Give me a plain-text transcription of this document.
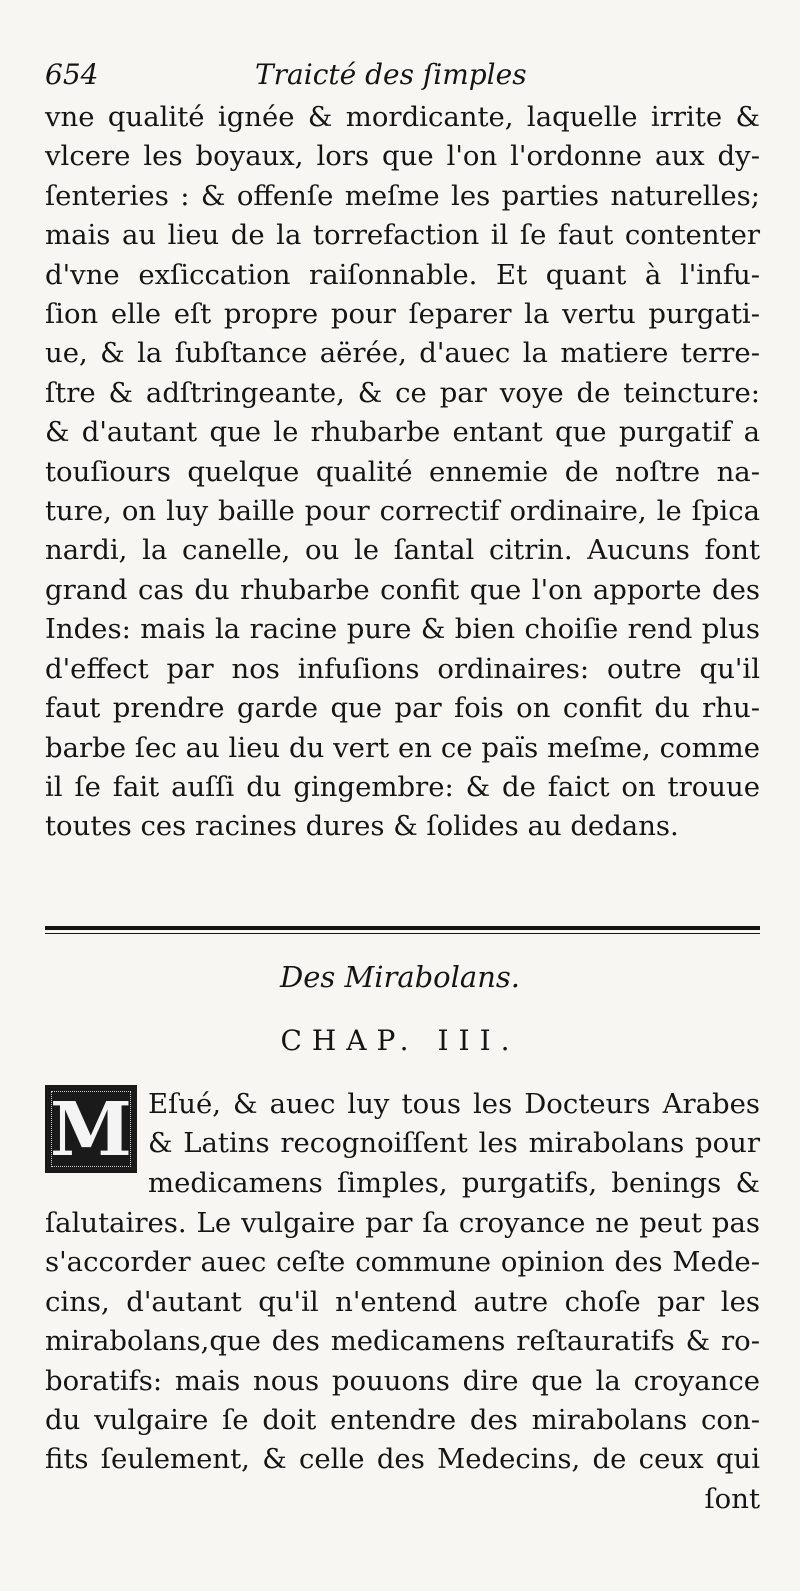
654	Traicté des ſimples
vne qualité ignée & mordicante, laquelle irrite &
vlcere les boyaux, lors que l'on l'ordonne aux dy-
ſenteries : & offenſe meſme les parties naturelles;
mais au lieu de la torrefaction il ſe faut contenter
d'vne exſiccation raiſonnable. Et quant à l'infu-
ſion elle eſt propre pour ſeparer la vertu purgati-
ue, & la ſubſtance aërée, d'auec la matiere terre-
ſtre & adſtringeante, & ce par voye de teincture:
& d'autant que le rhubarbe entant que purgatif a
touſiours quelque qualité ennemie de noſtre na-
ture, on luy baille pour correctif ordinaire, le ſpica
nardi, la canelle, ou le ſantal citrin. Aucuns font
grand cas du rhubarbe confit que l'on apporte des
Indes: mais la racine pure & bien choiſie rend plus
d'effect par nos infuſions ordinaires: outre qu'il
faut prendre garde que par fois on confit du rhu-
barbe ſec au lieu du vert en ce païs meſme, comme
il ſe fait auſſi du gingembre: & de faict on trouue
toutes ces racines dures & ſolides au dedans.
Des Mirabolans.
CHAP. III.
M Eſué, & auec luy tous les Docteurs Arabes
& Latins recognoiſſent les mirabolans pour
medicamens ſimples, purgatifs, benings &
ſalutaires. Le vulgaire par ſa croyance ne peut pas
s'accorder auec ceſte commune opinion des Mede-
cins, d'autant qu'il n'entend autre choſe par les
mirabolans,que des medicamens reſtauratifs & ro-
boratifs: mais nous pouuons dire que la croyance
du vulgaire ſe doit entendre des mirabolans con-
fits ſeulement, & celle des Medecins, de ceux qui
ſont
